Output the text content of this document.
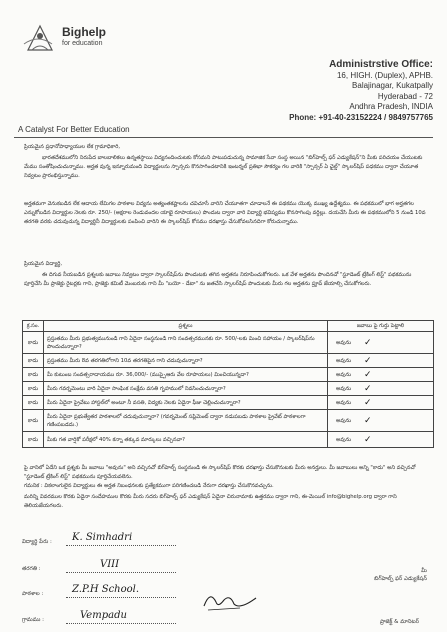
Bighelp
for education
A Catalyst For Better Education
Administrstive Office:
16, HIGH. (Duplex), APHB.
Balajinagar, Kukatpally
Hyderabad - 72
Andhra Pradesh, INDIA
Phone: +91-40-23152224 / 9849757765
ప్రియమైన ప్రధానోపాధ్యాయుల లేక గ్రామాధికారి,
భారతదేశములోని నిరుపేద బాలబాలికలు ఉన్నతస్థాయి విద్యనందించుటకు కోసమని పాటుపడుచున్న సామాజిక సేవా సంస్థ అయిన "బిగ్‌హెల్ప్ ఫర్ ఎడ్యుకేషన్"ని మీకు పరిచయం చేయుటకు మేము సంతోషించుచున్నాము. అర్హత వున్న ఇన్నూరుమంది విద్యార్థులను స్పాన్సరు కొనసాగించటానికి ఇంటర్నల్ ప్రతిభా సౌకర్యం గల వారికి "స్పాన్సర్ ఏ ఛైల్డ్" స్కాలర్‌షిప్ పధకము ద్వారా చేయూత నివ్వటం ప్రారంభిస్తున్నాము.
అర్హతమగా వెనుకబడిన లేక ఆదాయ లేమిగల పాఠశాల విద్యను అత్యంతకష్టాలను చవిచూసే వారిని చేయూతగా చూడాలనే ఈ పథకము యొక్క ముఖ్య ఉద్దేశ్యము. ఈ పథకములో భాగ అర్హతగల ఎన్నుకోబడిన విద్యార్థుల నెలకు రూ. 250/- (అక్షరాల రెండువందల యాభై రూపాయలు) పొందుట ద్వారా వారి విద్యార్థి భవిష్యము కొనసాగింపు వర్ధిల్లు. దయచేసి మీరు ఈ పథకములోని 5 నుండి 10వ తరగతి వరకు చదువుచున్న విద్యార్థినీ విద్యార్థులకు పంపించి వారిని ఈ స్కాలర్‌షిప్ కోసము దరఖాస్తు చేసుకోవలసినదిగా కోరుచున్నాము.
ప్రియమైన విద్యార్థి,
ఈ దిగువ నీయబడిన ప్రశ్నలకు జవాబు నివ్వటం ద్వారా స్కాలర్‌షిప్‌ను పొందుటకు తగిన అర్హతను నిరూపించుకోగలరు. ఒక వేళ అర్హతను పొందినచో "స్టూడెంట్ ట్రేకింగ్ లిస్ట్" పథకమును పూర్తిచేసి మీ ప్రాజెక్టు రైటర్లకు గాని, ప్రాజెక్టు కమిటీ మెంబరుకు గాని మీ "బయో - డేటా" ను జతచేసి స్కాలర్‌షిప్ పొందుటకు మీరు గల అర్హతను ప్రూవ్ జేయాల్సి చేసుకోగలరు.
క్ర.సం.	ప్రశ్నలు	జవాబు పై గుర్తు పెట్టాలి
కాదు	ప్రస్తుతము మీరు ప్రభుత్వమునుండి గాని ఏదైనా సంస్థనుండి గాని సంవత్సరమునకు రూ. 500/-లకు మించి సహాయం / స్కాలర్‌షిప్‌ను పొందుచున్నారా?	అవును ✓

కాదు	ప్రస్తుతము మీరు 8వ తరగతిలోగాని 10వ తరగతిపైన గాని చదువుచున్నారా?	అవును ✓

కాదు	మీ కుటుంబ సంవత్సరాదాయము రూ. 36,000/- (ముప్పైఆరు వేల రూపాయలు) మించియున్నదా?	అవును ✓

కాదు	మీరు గవర్నమెంటు వారి ఏదైనా సాంఘిక సంక్షేమ వసతి గృహములో నివసించుచున్నారా?	అవును ✓

కాదు	మీరు ఏదైనా ప్రైవేటు హాస్టల్‌లో అంటూ నీ వసతి, విద్యకు నెలకు ఏదైనా ఫీజు చెల్లించుచున్నారా?	అవును ✓

కాదు	మీరు ఏదైనా ప్రభుత్వేతర పాఠశాలలో చదువుచున్నారా? (గవర్నమెంట్ సప్లిమెంట్ ద్వారా నడుపబడు పాఠశాల ప్రైవేట్ పాఠశాలగా గణింపబడదు.)	అవును ✓

కాదు	మీకు గత వార్షికో పరీక్షలో 40% కన్నా తక్కువ మార్కులు వచ్చినవా?	అవును ✓
పై వానిలో ఏదేని ఒక ప్రశ్నకు మీ జవాబు "అవును" అని వచ్చినచో బిగ్‌హెల్ప్ సంస్థనుండి ఈ స్కాలర్‌షిప్ కొరకు దరఖాస్తు చేసుకొనుటకు మీరు అనర్హులు. మీ జవాబులు అన్ని "కాదు" అని వచ్చినచో "స్టూడెంట్ ట్రేకింగ్ లిస్ట్" పథకమును పూర్తిచేయవలెను.
గమనిక : వికలాంగులైన విద్యార్థులు ఈ అర్హత నిబంధనలకు ప్రత్యేకముగా పరిగణించబడి నేరుగా దరఖాస్తు చేసుకొనవచ్చును.
మరిన్ని వివరముల కొరకు ఏదైనా సందేహముల కొరకు మీరు సదరు బిగ్‌హెల్ప్ ఫర్ ఎడ్యుకేషన్ ఏదైనా చిరునామాకు ఉత్తరము ద్వారా గాని, ఈ-మెయిల్ info@bighelp.org ద్వారా గాని తెలియజేయగలరు.
విద్యార్థి పేరు : K. Simhadri
తరగతి :	VIII
పాఠశాల :	Z.P.H School.
గ్రామము :	Vempadu
మీ
బిగ్‌హెల్ప్ ఫర్ ఎడ్యుకేషన్
ప్రాజెక్ట్ & మానిటర్
